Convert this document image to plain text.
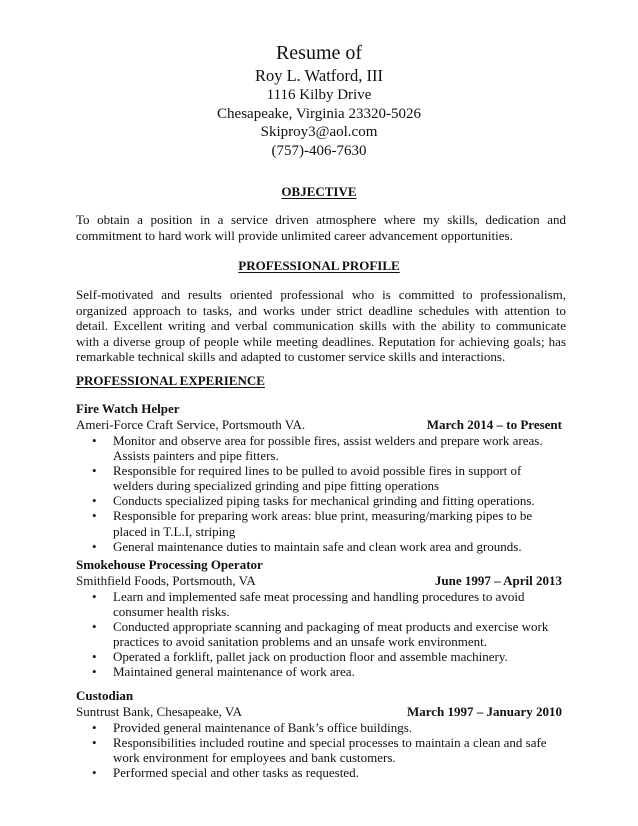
Resume of
Roy L. Watford, III
1116 Kilby Drive
Chesapeake, Virginia 23320-5026
Skiproy3@aol.com
(757)-406-7630
OBJECTIVE
To obtain a position in a service driven atmosphere where my skills, dedication and commitment to hard work will provide unlimited career advancement opportunities.
PROFESSIONAL PROFILE
Self-motivated and results oriented professional who is committed to professionalism, organized approach to tasks, and works under strict deadline schedules with attention to detail. Excellent writing and verbal communication skills with the ability to communicate with a diverse group of people while meeting deadlines. Reputation for achieving goals; has remarkable technical skills and adapted to customer service skills and interactions.
PROFESSIONAL EXPERIENCE
Fire Watch Helper
Ameri-Force Craft Service, Portsmouth VA.	March 2014 – to Present
• Monitor and observe area for possible fires, assist welders and prepare work areas. Assists painters and pipe fitters.
• Responsible for required lines to be pulled to avoid possible fires in support of welders during specialized grinding and pipe fitting operations
• Conducts specialized piping tasks for mechanical grinding and fitting operations.
• Responsible for preparing work areas: blue print, measuring/marking pipes to be placed in T.L.I, striping
• General maintenance duties to maintain safe and clean work area and grounds.
Smokehouse Processing Operator
Smithfield Foods, Portsmouth, VA	June 1997 – April 2013
• Learn and implemented safe meat processing and handling procedures to avoid consumer health risks.
• Conducted appropriate scanning and packaging of meat products and exercise work practices to avoid sanitation problems and an unsafe work environment.
• Operated a forklift, pallet jack on production floor and assemble machinery.
• Maintained general maintenance of work area.
Custodian
Suntrust Bank, Chesapeake, VA	March 1997 – January 2010
• Provided general maintenance of Bank’s office buildings.
• Responsibilities included routine and special processes to maintain a clean and safe work environment for employees and bank customers.
• Performed special and other tasks as requested.
